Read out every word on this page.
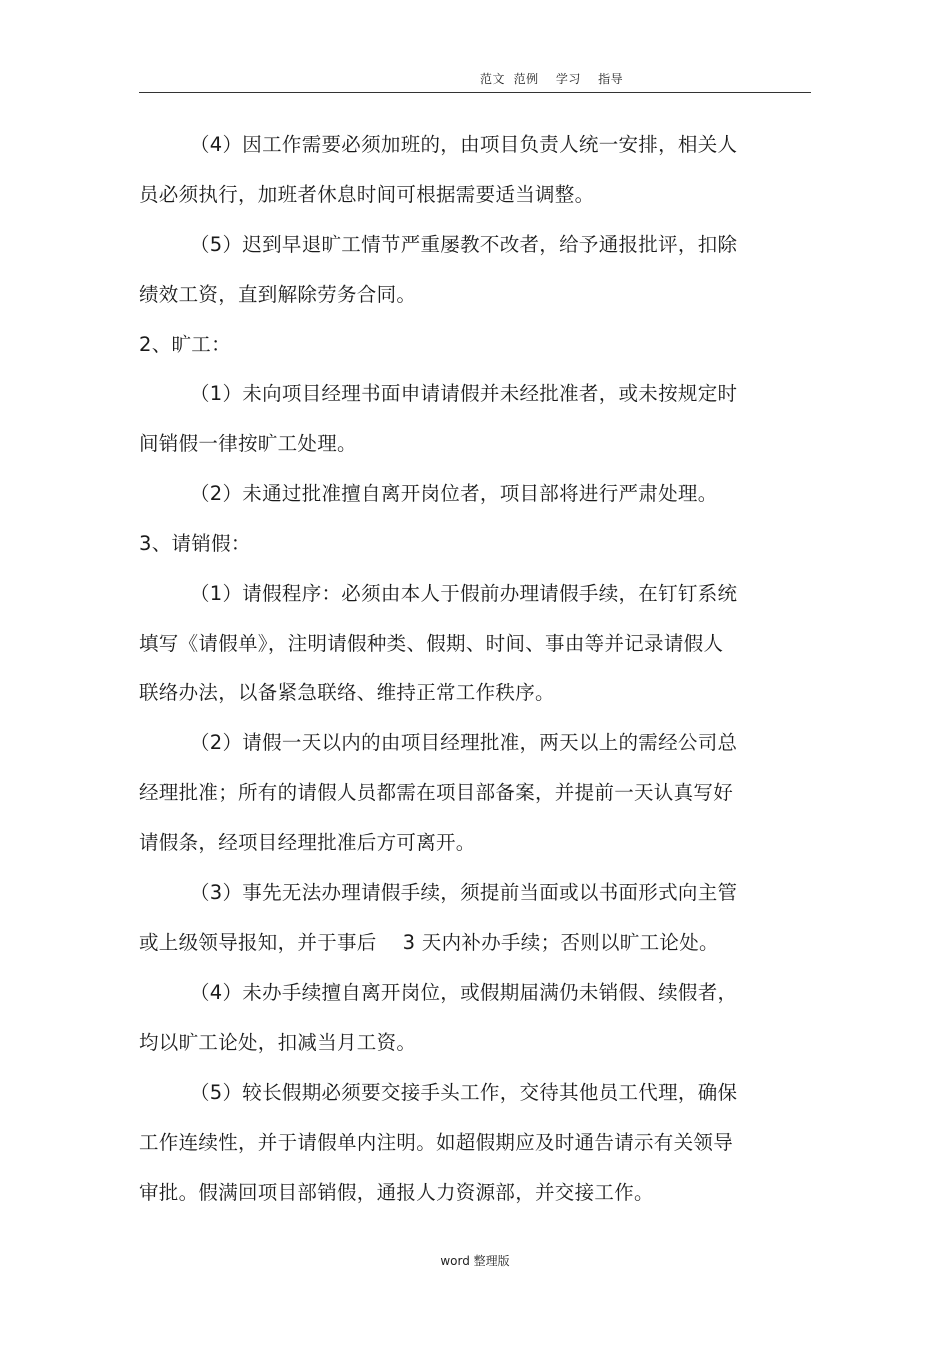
范文  范例    学习    指导
（4）因工作需要必须加班的，由项目负责人统一安排，相关人
员必须执行，加班者休息时间可根据需要适当调整。
（5）迟到早退旷工情节严重屡教不改者，给予通报批评，扣除
绩效工资，直到解除劳务合同。
2、旷工：
（1）未向项目经理书面申请请假并未经批准者，或未按规定时
间销假一律按旷工处理。
（2）未通过批准擅自离开岗位者，项目部将进行严肃处理。
3、请销假：
（1）请假程序：必须由本人于假前办理请假手续，在钉钉系统
填写《请假单》，注明请假种类、假期、时间、事由等并记录请假人
联络办法，以备紧急联络、维持正常工作秩序。
（2）请假一天以内的由项目经理批准，两天以上的需经公司总
经理批准；所有的请假人员都需在项目部备案，并提前一天认真写好
请假条，经项目经理批准后方可离开。
（3）事先无法办理请假手续，须提前当面或以书面形式向主管
或上级领导报知，并于事后    3 天内补办手续；否则以旷工论处。
（4）未办手续擅自离开岗位，或假期届满仍未销假、续假者，
均以旷工论处，扣减当月工资。
（5）较长假期必须要交接手头工作，交待其他员工代理，确保
工作连续性，并于请假单内注明。如超假期应及时通告请示有关领导
审批。假满回项目部销假，通报人力资源部，并交接工作。
word 整理版
